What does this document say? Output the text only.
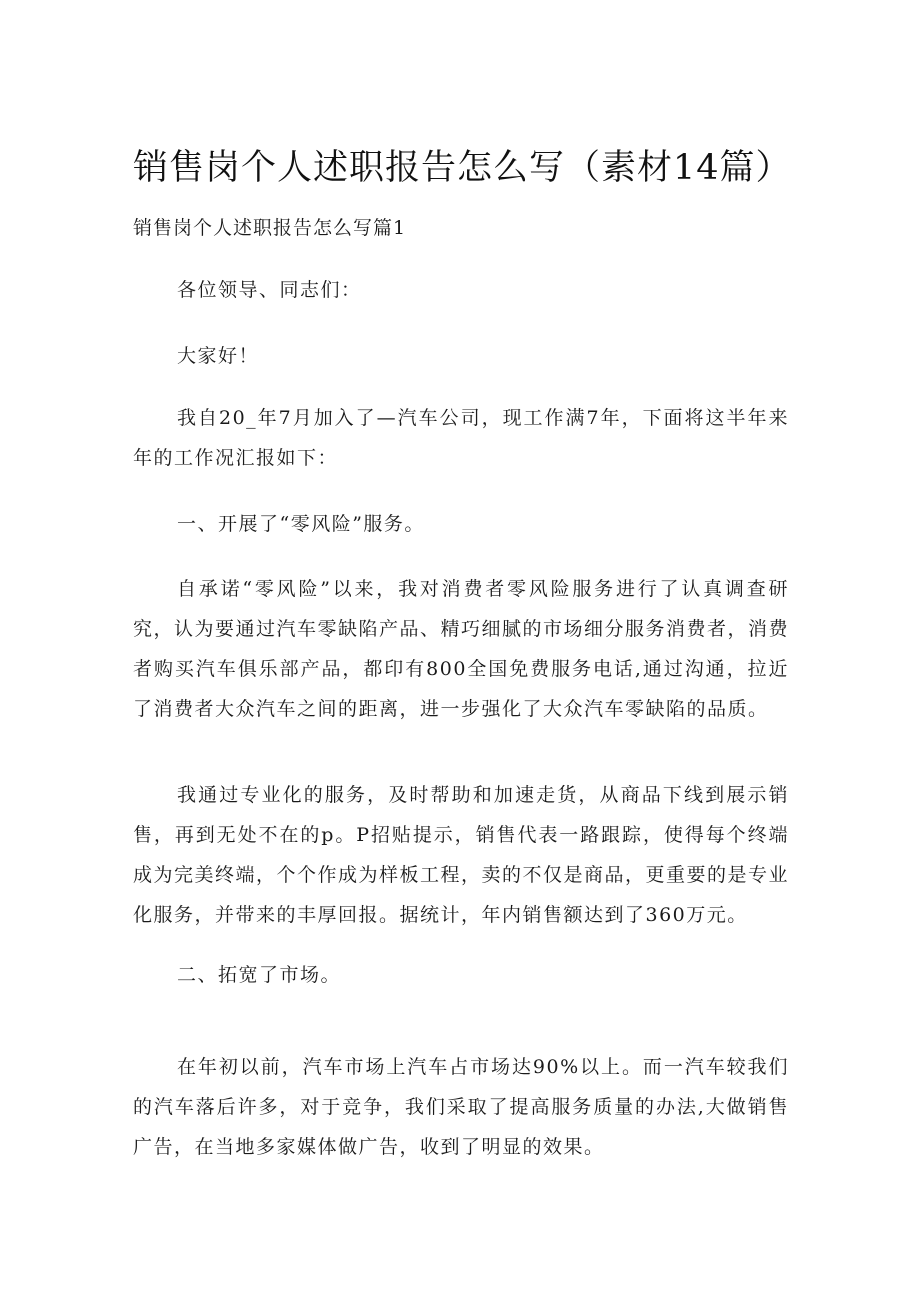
销售岗个人述职报告怎么写（素材14篇）
销售岗个人述职报告怎么写篇1

各位领导、同志们：

大家好！

我自20_年7月加入了—汽车公司，现工作满7年，下面将这半年来年的工作况汇报如下：

一、开展了“零风险”服务。

自承诺“零风险”以来，我对消费者零风险服务进行了认真调查研究，认为要通过汽车零缺陷产品、精巧细腻的市场细分服务消费者，消费者购买汽车俱乐部产品，都印有800全国免费服务电话,通过沟通，拉近了消费者大众汽车之间的距离，进一步强化了大众汽车零缺陷的品质。

我通过专业化的服务，及时帮助和加速走货，从商品下线到展示销售，再到无处不在的p。P招贴提示，销售代表一路跟踪，使得每个终端成为完美终端，个个作成为样板工程，卖的不仅是商品，更重要的是专业化服务，并带来的丰厚回报。据统计，年内销售额达到了360万元。

二、拓宽了市场。

在年初以前，汽车市场上汽车占市场达90%以上。而一汽车较我们的汽车落后许多，对于竞争，我们采取了提高服务质量的办法,大做销售广告，在当地多家媒体做广告，收到了明显的效果。
